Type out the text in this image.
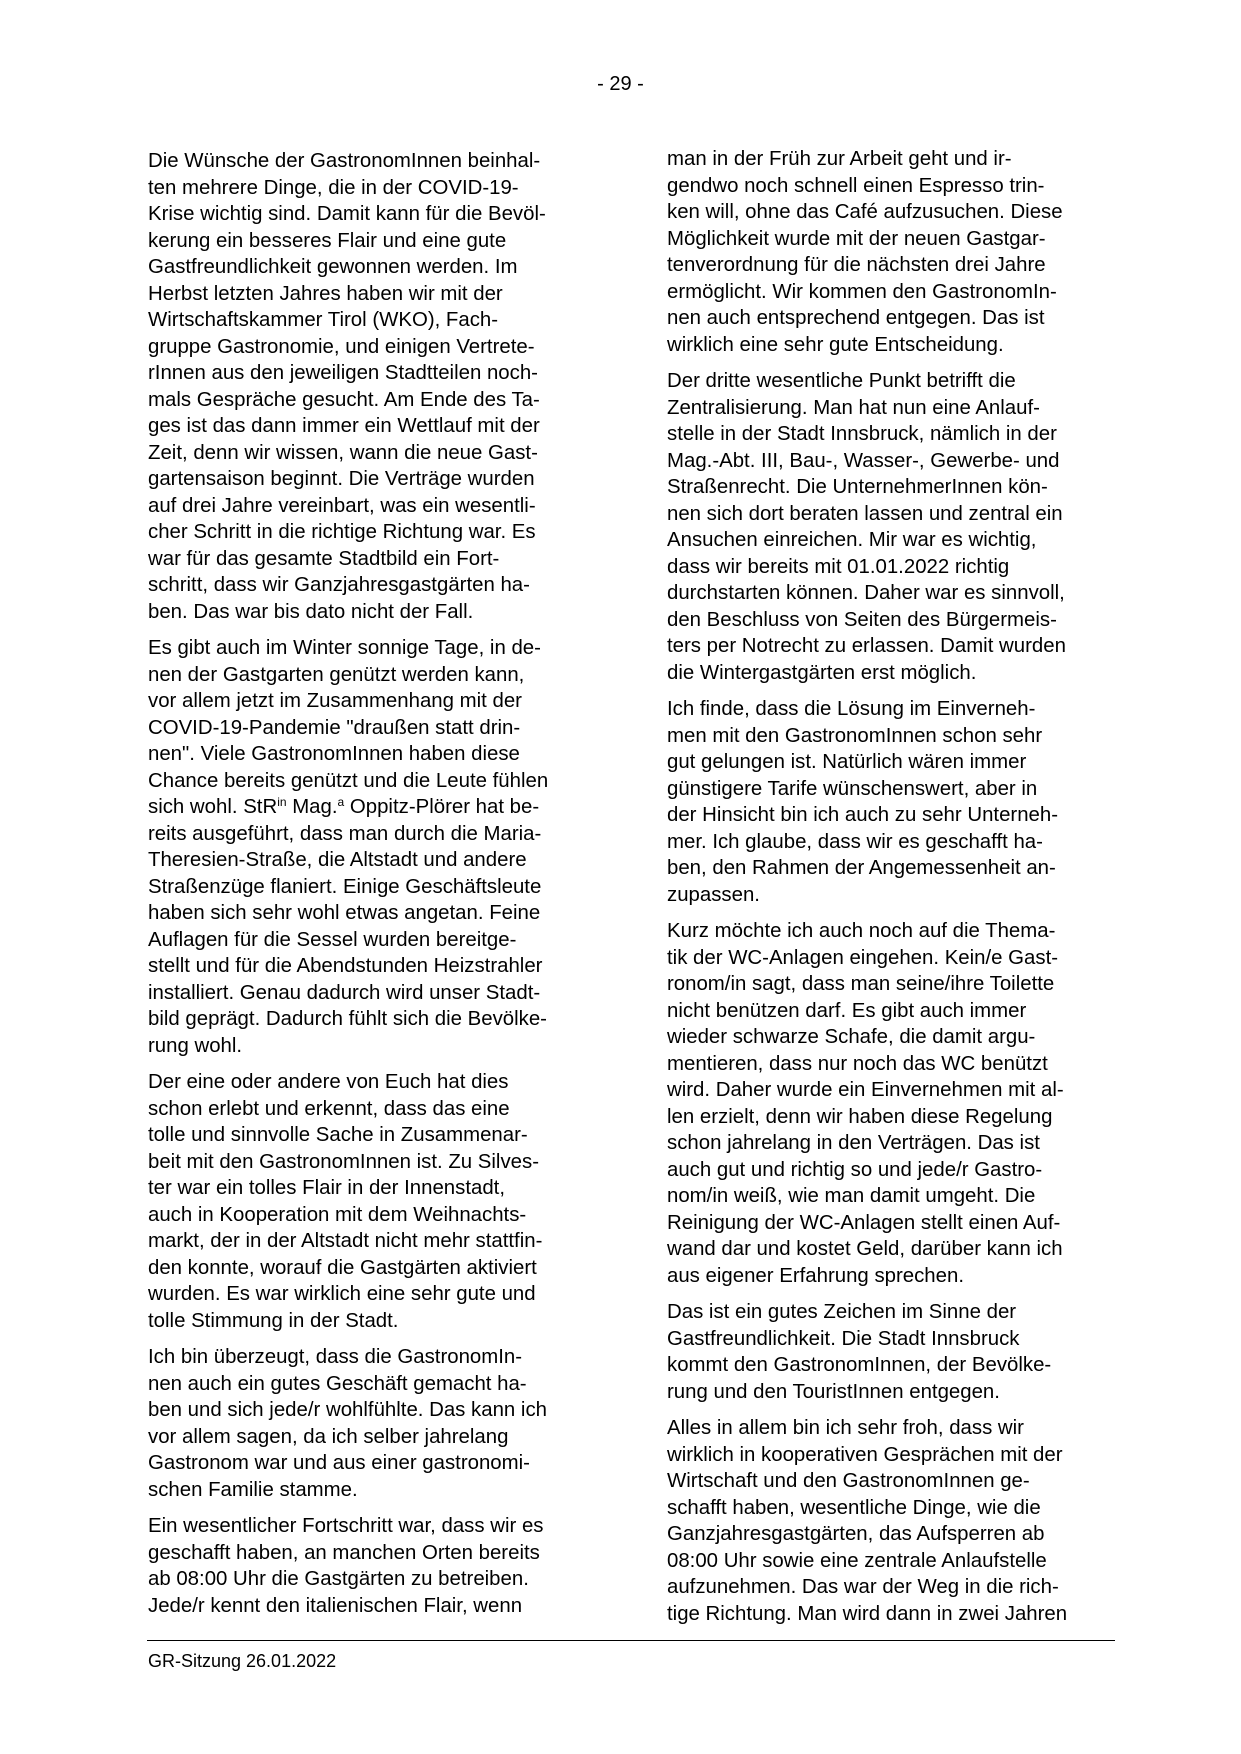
- 29 -
Die Wünsche der GastronomInnen beinhal-
ten mehrere Dinge, die in der COVID-19-
Krise wichtig sind. Damit kann für die Bevöl-
kerung ein besseres Flair und eine gute
Gastfreundlichkeit gewonnen werden. Im
Herbst letzten Jahres haben wir mit der
Wirtschaftskammer Tirol (WKO), Fach-
gruppe Gastronomie, und einigen Vertrete-
rInnen aus den jeweiligen Stadtteilen noch-
mals Gespräche gesucht. Am Ende des Ta-
ges ist das dann immer ein Wettlauf mit der
Zeit, denn wir wissen, wann die neue Gast-
gartensaison beginnt. Die Verträge wurden
auf drei Jahre vereinbart, was ein wesentli-
cher Schritt in die richtige Richtung war. Es
war für das gesamte Stadtbild ein Fort-
schritt, dass wir Ganzjahresgastgärten ha-
ben. Das war bis dato nicht der Fall.
Es gibt auch im Winter sonnige Tage, in de-
nen der Gastgarten genützt werden kann,
vor allem jetzt im Zusammenhang mit der
COVID-19-Pandemie "draußen statt drin-
nen". Viele GastronomInnen haben diese
Chance bereits genützt und die Leute fühlen
sich wohl. StR$^{in}$ Mag.$^a$ Oppitz-Plörer hat be-
reits ausgeführt, dass man durch die Maria-
Theresien-Straße, die Altstadt und andere
Straßenzüge flaniert. Einige Geschäftsleute
haben sich sehr wohl etwas angetan. Feine
Auflagen für die Sessel wurden bereitge-
stellt und für die Abendstunden Heizstrahler
installiert. Genau dadurch wird unser Stadt-
bild geprägt. Dadurch fühlt sich die Bevölke-
rung wohl.
Der eine oder andere von Euch hat dies
schon erlebt und erkennt, dass das eine
tolle und sinnvolle Sache in Zusammenar-
beit mit den GastronomInnen ist. Zu Silves-
ter war ein tolles Flair in der Innenstadt,
auch in Kooperation mit dem Weihnachts-
markt, der in der Altstadt nicht mehr stattfin-
den konnte, worauf die Gastgärten aktiviert
wurden. Es war wirklich eine sehr gute und
tolle Stimmung in der Stadt.
Ich bin überzeugt, dass die GastronomIn-
nen auch ein gutes Geschäft gemacht ha-
ben und sich jede/r wohlfühlte. Das kann ich
vor allem sagen, da ich selber jahrelang
Gastronom war und aus einer gastronomi-
schen Familie stamme.
Ein wesentlicher Fortschritt war, dass wir es
geschafft haben, an manchen Orten bereits
ab 08:00 Uhr die Gastgärten zu betreiben.
Jede/r kennt den italienischen Flair, wenn
man in der Früh zur Arbeit geht und ir-
gendwo noch schnell einen Espresso trin-
ken will, ohne das Café aufzusuchen. Diese
Möglichkeit wurde mit der neuen Gastgar-
tenverordnung für die nächsten drei Jahre
ermöglicht. Wir kommen den GastronomIn-
nen auch entsprechend entgegen. Das ist
wirklich eine sehr gute Entscheidung.
Der dritte wesentliche Punkt betrifft die
Zentralisierung. Man hat nun eine Anlauf-
stelle in der Stadt Innsbruck, nämlich in der
Mag.-Abt. III, Bau-, Wasser-, Gewerbe- und
Straßenrecht. Die UnternehmerInnen kön-
nen sich dort beraten lassen und zentral ein
Ansuchen einreichen. Mir war es wichtig,
dass wir bereits mit 01.01.2022 richtig
durchstarten können. Daher war es sinnvoll,
den Beschluss von Seiten des Bürgermeis-
ters per Notrecht zu erlassen. Damit wurden
die Wintergastgärten erst möglich.
Ich finde, dass die Lösung im Einverneh-
men mit den GastronomInnen schon sehr
gut gelungen ist. Natürlich wären immer
günstigere Tarife wünschenswert, aber in
der Hinsicht bin ich auch zu sehr Unterneh-
mer. Ich glaube, dass wir es geschafft ha-
ben, den Rahmen der Angemessenheit an-
zupassen.
Kurz möchte ich auch noch auf die Thema-
tik der WC-Anlagen eingehen. Kein/e Gast-
ronom/in sagt, dass man seine/ihre Toilette
nicht benützen darf. Es gibt auch immer
wieder schwarze Schafe, die damit argu-
mentieren, dass nur noch das WC benützt
wird. Daher wurde ein Einvernehmen mit al-
len erzielt, denn wir haben diese Regelung
schon jahrelang in den Verträgen. Das ist
auch gut und richtig so und jede/r Gastro-
nom/in weiß, wie man damit umgeht. Die
Reinigung der WC-Anlagen stellt einen Auf-
wand dar und kostet Geld, darüber kann ich
aus eigener Erfahrung sprechen.
Das ist ein gutes Zeichen im Sinne der
Gastfreundlichkeit. Die Stadt Innsbruck
kommt den GastronomInnen, der Bevölke-
rung und den TouristInnen entgegen.
Alles in allem bin ich sehr froh, dass wir
wirklich in kooperativen Gesprächen mit der
Wirtschaft und den GastronomInnen ge-
schafft haben, wesentliche Dinge, wie die
Ganzjahresgastgärten, das Aufsperren ab
08:00 Uhr sowie eine zentrale Anlaufstelle
aufzunehmen. Das war der Weg in die rich-
tige Richtung. Man wird dann in zwei Jahren
GR-Sitzung 26.01.2022
